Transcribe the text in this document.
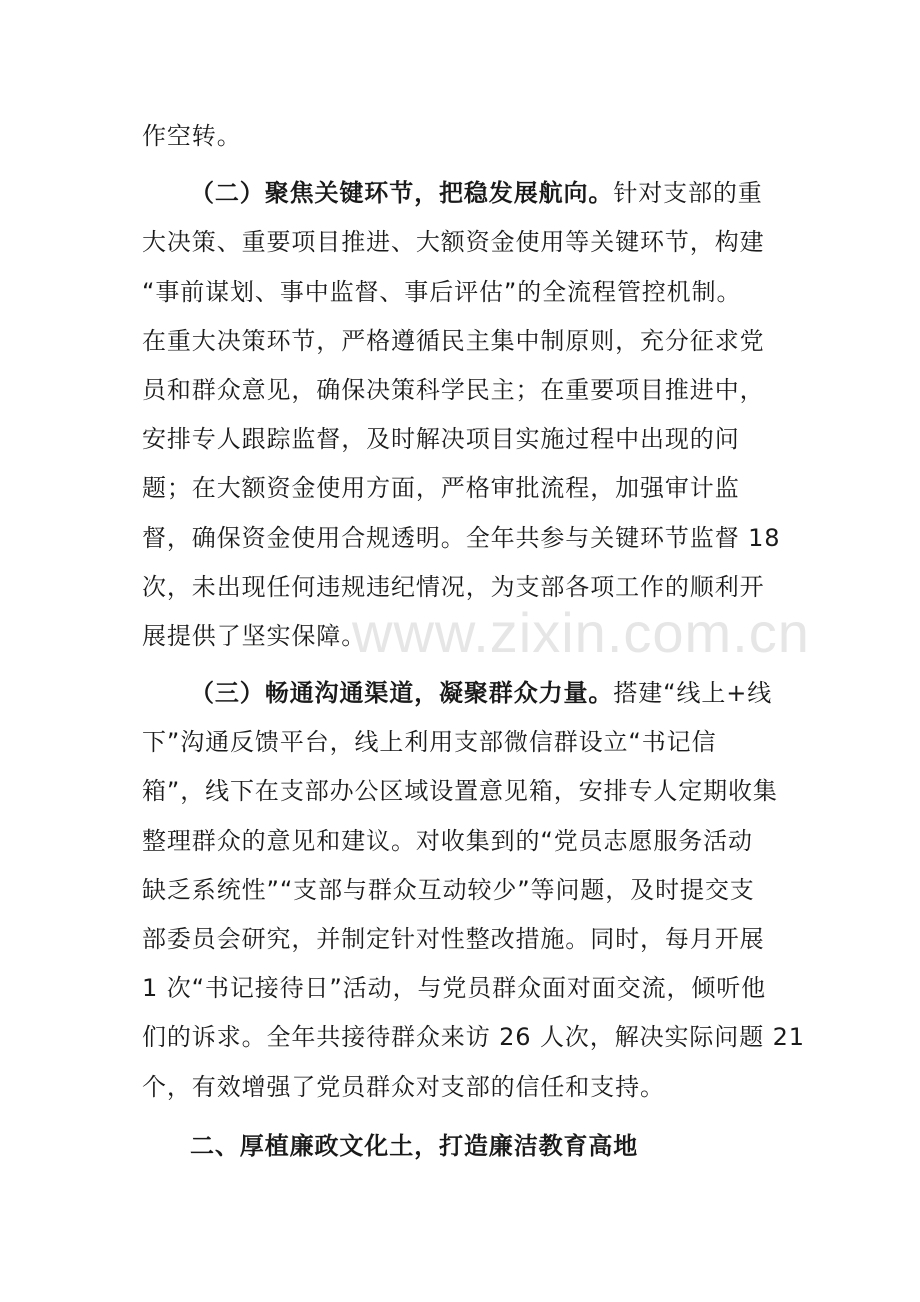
www.zixin.com.cn
作空转。
（二）聚焦关键环节，把稳发展航向。针对支部的重
大决策、重要项目推进、大额资金使用等关键环节，构建
“事前谋划、事中监督、事后评估”的全流程管控机制。
在重大决策环节，严格遵循民主集中制原则，充分征求党
员和群众意见，确保决策科学民主；在重要项目推进中，
安排专人跟踪监督，及时解决项目实施过程中出现的问
题；在大额资金使用方面，严格审批流程，加强审计监
督，确保资金使用合规透明。全年共参与关键环节监督 18
次，未出现任何违规违纪情况，为支部各项工作的顺利开
展提供了坚实保障。
（三）畅通沟通渠道，凝聚群众力量。搭建“线上+线
下”沟通反馈平台，线上利用支部微信群设立“书记信
箱”，线下在支部办公区域设置意见箱，安排专人定期收集
整理群众的意见和建议。对收集到的“党员志愿服务活动
缺乏系统性”“支部与群众互动较少”等问题，及时提交支
部委员会研究，并制定针对性整改措施。同时，每月开展
1 次“书记接待日”活动，与党员群众面对面交流，倾听他
们的诉求。全年共接待群众来访 26 人次，解决实际问题 21
个，有效增强了党员群众对支部的信任和支持。
二、厚植廉政文化土，打造廉洁教育高地
